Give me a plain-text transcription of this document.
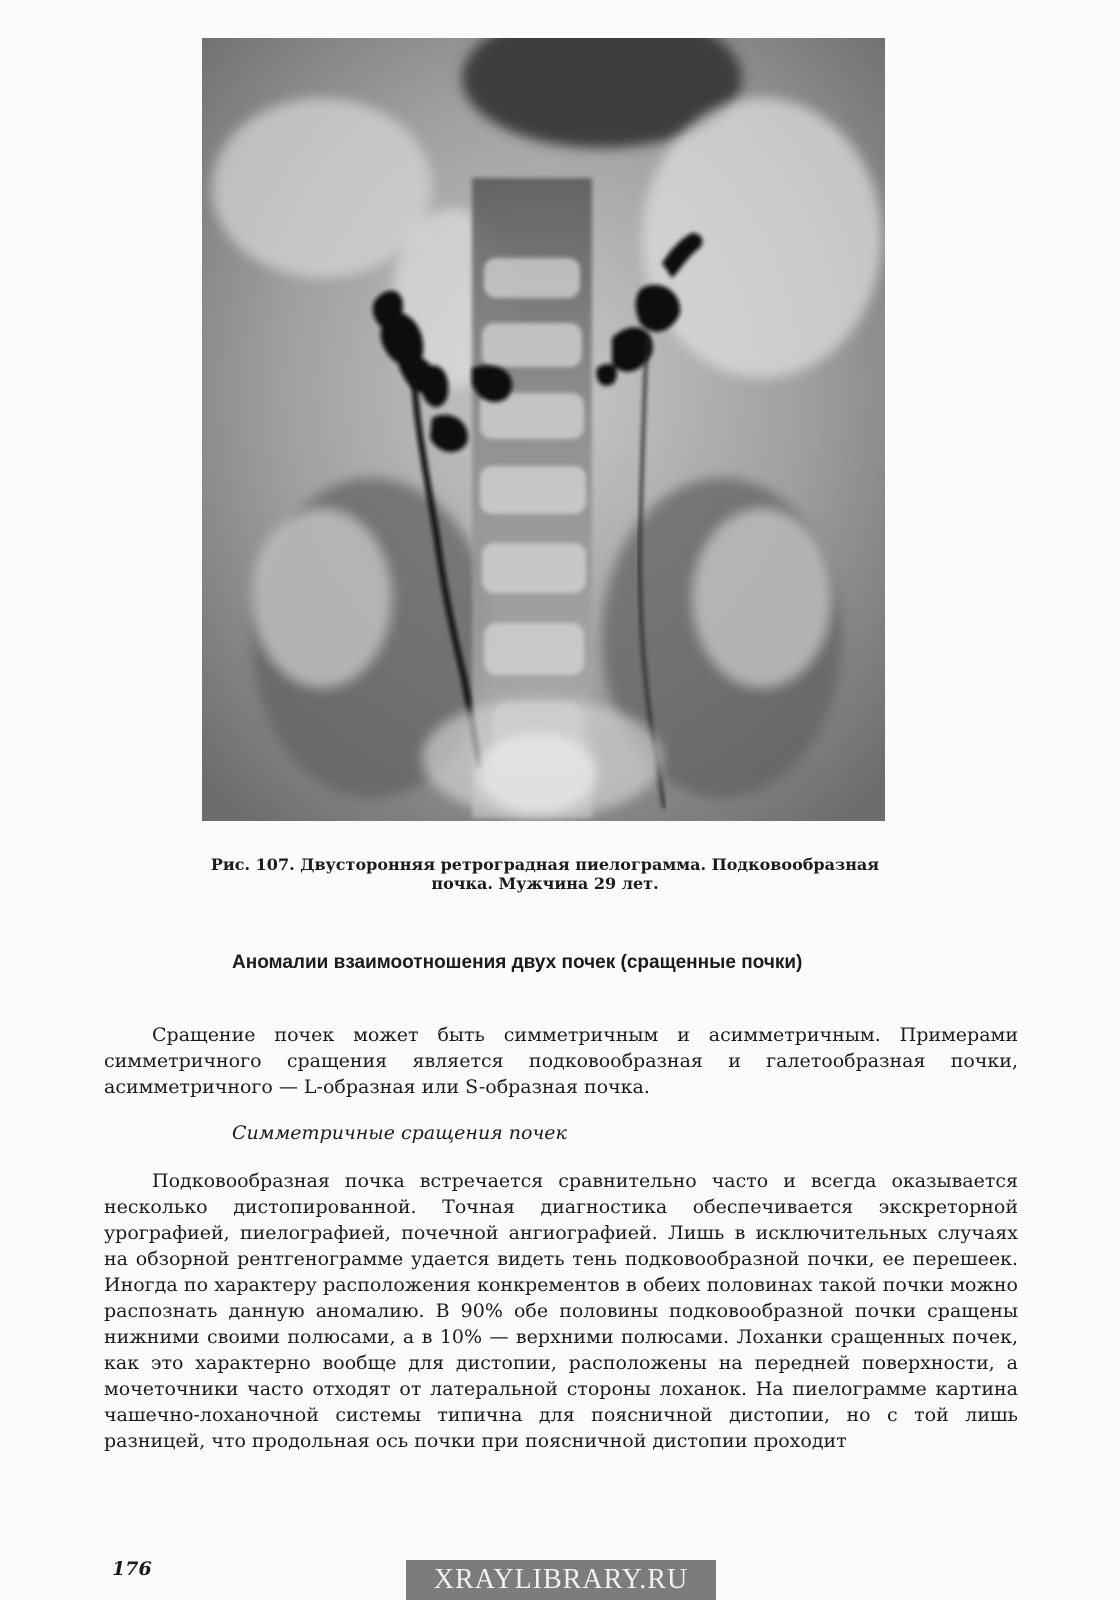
Рис. 107. Двусторонняя ретроградная пиелограмма. Подковообразная почка. Мужчина 29 лет.
Аномалии взаимоотношения двух почек (сращенные почки)
Сращение почек может быть симметричным и асимметричным. Примерами симметричного сращения является подковообразная и галетообразная почки, асимметричного — L-образная или S-образная почка.
Симметричные сращения почек
Подковообразная почка встречается сравнительно часто и всегда оказывается несколько дистопированной. Точная диагностика обеспечивается экскреторной урографией, пиелографией, почечной ангиографией. Лишь в исключительных случаях на обзорной рентгенограмме удается видеть тень подковообразной почки, ее перешеек. Иногда по характеру расположения конкрементов в обеих половинах такой почки можно распознать данную аномалию. В 90% обе половины подковообразной почки сращены нижними своими полюсами, а в 10% — верхними полюсами. Лоханки сращенных почек, как это характерно вообще для дистопии, расположены на передней поверхности, а мочеточники часто отходят от латеральной стороны лоханок. На пиелограмме картина чашечно-лоханочной системы типична для поясничной дистопии, но с той лишь разницей, что продольная ось почки при поясничной дистопии проходит
176	XRAYLIBRARY.RU
